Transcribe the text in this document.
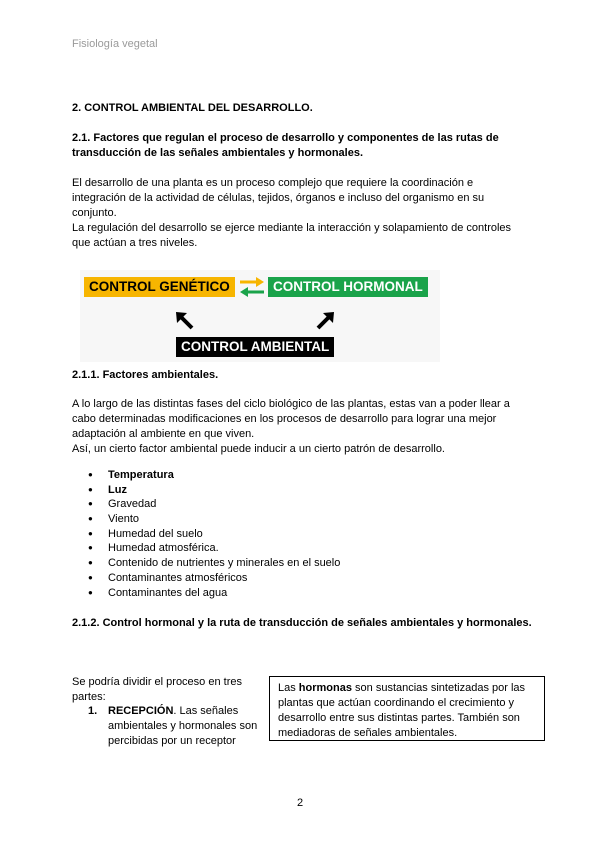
Fisiología vegetal
2. CONTROL AMBIENTAL DEL DESARROLLO.
2.1. Factores que regulan el proceso de desarrollo y componentes de las rutas de transducción de las señales ambientales y hormonales.

El desarrollo de una planta es un proceso complejo que requiere la coordinación e integración de la actividad de células, tejidos, órganos e incluso del organismo en su conjunto.

La regulación del desarrollo se ejerce mediante la interacción y solapamiento de controles que actúan a tres niveles.

CONTROL GENÉTICO	CONTROL HORMONAL
CONTROL AMBIENTAL
2.1.1. Factores ambientales.

A lo largo de las distintas fases del ciclo biológico de las plantas, estas van a poder llear a cabo determinadas modificaciones en los procesos de desarrollo para lograr una mejor adaptación al ambiente en que viven.

Así, un cierto factor ambiental puede inducir a un cierto patrón de desarrollo.

● Temperatura
● Luz
● Gravedad
● Viento
● Humedad del suelo
● Humedad atmosférica.
● Contenido de nutrientes y minerales en el suelo
● Contaminantes atmosféricos
● Contaminantes del agua
2.1.2. Control hormonal y la ruta de transducción de señales ambientales y hormonales.
Se podría dividir el proceso en tres partes:
1. RECEPCIÓN. Las señales ambientales y hormonales son percibidas por un receptor
Las hormonas son sustancias sintetizadas por las plantas que actúan coordinando el crecimiento y desarrollo entre sus distintas partes. También son mediadoras de señales ambientales.
2
